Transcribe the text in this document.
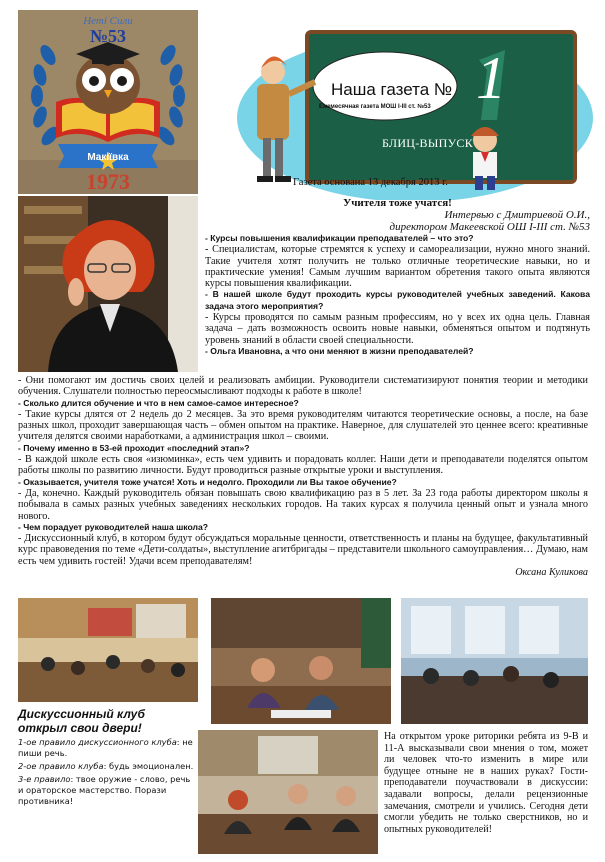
Неті Сили
№53
Макіївка
1973
1
Наша газета №
Ежемесячная газета МОШ I-III ст. №53
БЛИЦ-ВЫПУСК
Газета основана 13 декабря 2013 г.
Учителя тоже учатся!
Интервью с Дмитриевой О.И.,
директором Макеевской ОШ I-III ст. №53

- Курсы повышения квалификации преподавателей – что это?

- Специалистам, которые стремятся к успеху и самореализации, нужно много знаний. Такие учителя хотят получить не только отличные теоретические навыки, но и практические умения! Самым лучшим вариантом обретения такого опыта являются курсы повышения квалификации.

- В нашей школе будут проходить курсы руководителей учебных заведений. Какова задача этого мероприятия?

- Курсы проводятся по самым разным профессиям, но у всех их одна цель. Главная задача – дать возможность освоить новые навыки, обменяться опытом и подтянуть уровень знаний в области своей специальности.

- Ольга Ивановна, а что они меняют в жизни преподавателей?

- Они помогают им достичь своих целей и реализовать амбиции. Руководители систематизируют понятия теории и методики обучения. Слушатели полностью переосмысливают подходы к работе в школе!

- Сколько длится обучение и что в нем самое-самое интересное?

- Такие курсы длятся от 2 недель до 2 месяцев. За это время руководителям читаются теоретические основы, а после, на базе разных школ, проходит завершающая часть – обмен опытом на практике. Наверное, для слушателей это ценнее всего: креативные учителя делятся своими наработками, а администрация школ – своими.

- Почему именно в 53-ей проходит «последний этап»?

- В каждой школе есть своя «изюминка», есть чем удивить и порадовать коллег. Наши дети и преподаватели поделятся опытом работы школы по развитию личности. Будут проводиться разные открытые уроки и выступления.

- Оказывается, учителя тоже учатся! Хоть и недолго. Проходили ли Вы такое обучение?

- Да, конечно. Каждый руководитель обязан повышать свою квалификацию раз в 5 лет. За 23 года работы директором школы я побывала в самых разных учебных заведениях нескольких городов. На таких курсах я получила ценный опыт и узнала много нового.

- Чем порадует руководителей наша школа?

- Дискуссионный клуб, в котором будут обсуждаться моральные ценности, ответственность и планы на будущее, факультативный курс правоведения по теме «Дети-солдаты», выступление агитбригады – представители школьного самоуправления… Думаю, нам есть чем удивить гостей! Удачи всем преподавателям!

Оксана Куликова

Дискуссионный клуб
открыл свои двери!

1-ое правило дискуссионного клуба: не пиши речь.

2-ое правило клуба: будь эмоционален.

3-е правило: твое оружие - слово, речь и ораторское мастерство. Порази противника!

На открытом уроке риторики ребята из 9-В и 11-А высказывали свои мнения о том, может ли человек что-то изменить в мире или будущее отныне не в наших руках? Гости-преподаватели поучаствовали в дискуссии: задавали вопросы, делали рецензионные замечания, смотрели и учились. Сегодня дети смогли убедить не только сверстников, но и опытных руководителей!
